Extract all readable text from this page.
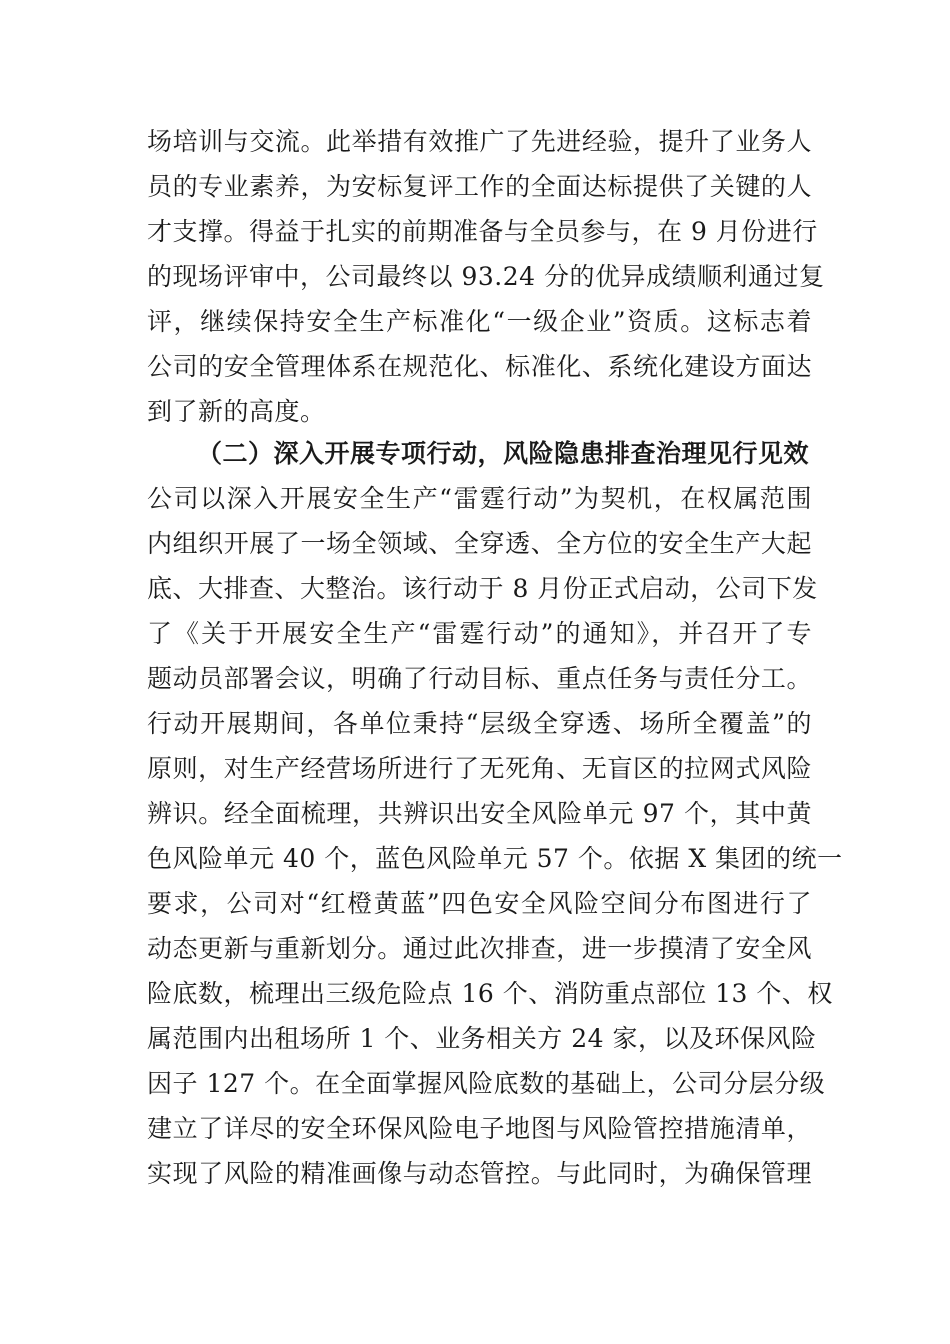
场培训与交流。此举措有效推广了先进经验，提升了业务人
员的专业素养，为安标复评工作的全面达标提供了关键的人
才支撑。得益于扎实的前期准备与全员参与，在 9 月份进行
的现场评审中，公司最终以 93.24 分的优异成绩顺利通过复
评，继续保持安全生产标准化“一级企业”资质。这标志着
公司的安全管理体系在规范化、标准化、系统化建设方面达
到了新的高度。
（二）深入开展专项行动，风险隐患排查治理见行见效
公司以深入开展安全生产“雷霆行动”为契机，在权属范围
内组织开展了一场全领域、全穿透、全方位的安全生产大起
底、大排查、大整治。该行动于 8 月份正式启动，公司下发
了《关于开展安全生产“雷霆行动”的通知》，并召开了专
题动员部署会议，明确了行动目标、重点任务与责任分工。
行动开展期间，各单位秉持“层级全穿透、场所全覆盖”的
原则，对生产经营场所进行了无死角、无盲区的拉网式风险
辨识。经全面梳理，共辨识出安全风险单元 97 个，其中黄
色风险单元 40 个，蓝色风险单元 57 个。依据 X 集团的统一
要求，公司对“红橙黄蓝”四色安全风险空间分布图进行了
动态更新与重新划分。通过此次排查，进一步摸清了安全风
险底数，梳理出三级危险点 16 个、消防重点部位 13 个、权
属范围内出租场所 1 个、业务相关方 24 家，以及环保风险
因子 127 个。在全面掌握风险底数的基础上，公司分层分级
建立了详尽的安全环保风险电子地图与风险管控措施清单，
实现了风险的精准画像与动态管控。与此同时，为确保管理
